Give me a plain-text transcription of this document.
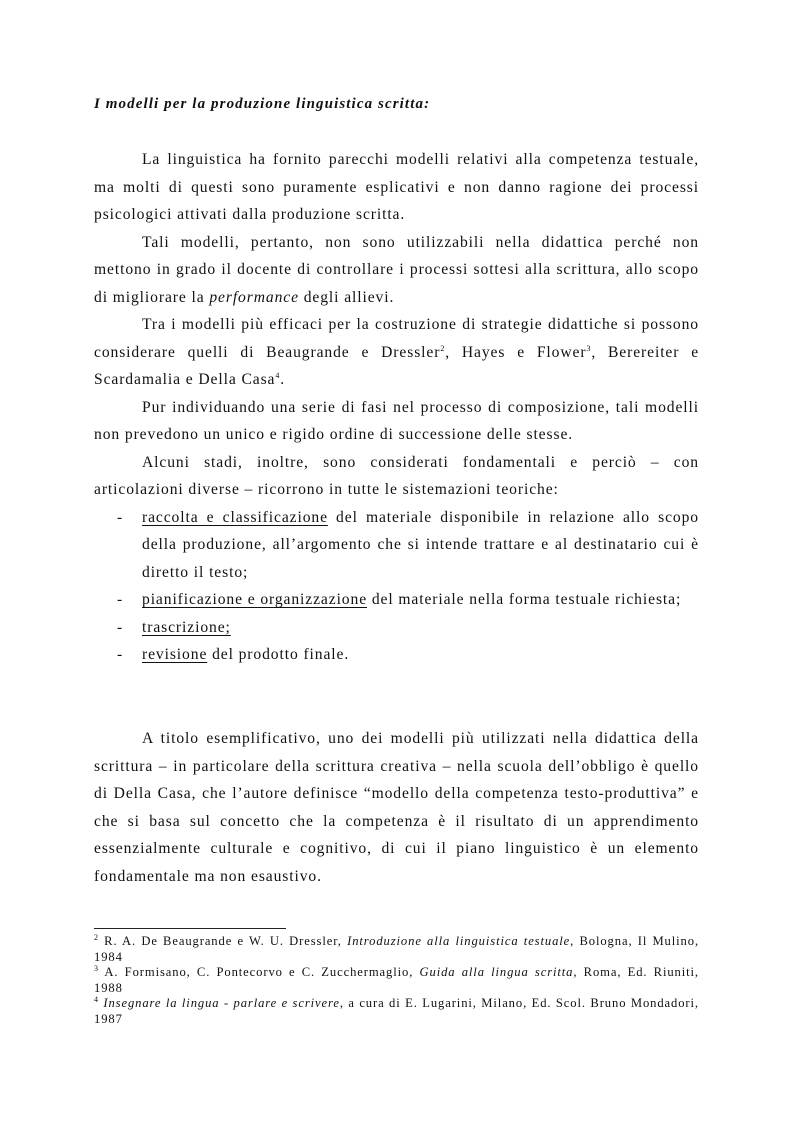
I modelli per la produzione linguistica scritta:

La linguistica ha fornito parecchi modelli relativi alla competenza testuale, ma molti di questi sono puramente esplicativi e non danno ragione dei processi psicologici attivati dalla produzione scritta.

Tali modelli, pertanto, non sono utilizzabili nella didattica perché non mettono in grado il docente di controllare i processi sottesi alla scrittura, allo scopo di migliorare la performance degli allievi.

Tra i modelli più efficaci per la costruzione di strategie didattiche si possono considerare quelli di Beaugrande e Dressler$^2$, Hayes e Flower$^3$, Berereiter e Scardamalia e Della Casa$^4$.

Pur individuando una serie di fasi nel processo di composizione, tali modelli non prevedono un unico e rigido ordine di successione delle stesse.

Alcuni stadi, inoltre, sono considerati fondamentali e perciò – con articolazioni diverse – ricorrono in tutte le sistemazioni teoriche:

- raccolta e classificazione del materiale disponibile in relazione allo scopo della produzione, all’argomento che si intende trattare e al destinatario cui è diretto il testo;
- pianificazione e organizzazione del materiale nella forma testuale richiesta;
- trascrizione;
- revisione del prodotto finale.

A titolo esemplificativo, uno dei modelli più utilizzati nella didattica della scrittura – in particolare della scrittura creativa – nella scuola dell’obbligo è quello di Della Casa, che l’autore definisce “modello della competenza testo-produttiva” e che si basa sul concetto che la competenza è il risultato di un apprendimento essenzialmente culturale e cognitivo, di cui il piano linguistico è un elemento fondamentale ma non esaustivo.

$^2$ R. A. De Beaugrande e W. U. Dressler, Introduzione alla linguistica testuale, Bologna, Il Mulino, 1984

$^3$ A. Formisano, C. Pontecorvo e C. Zucchermaglio, Guida alla lingua scritta, Roma, Ed. Riuniti, 1988

$^4$ Insegnare la lingua - parlare e scrivere, a cura di E. Lugarini, Milano, Ed. Scol. Bruno Mondadori, 1987
